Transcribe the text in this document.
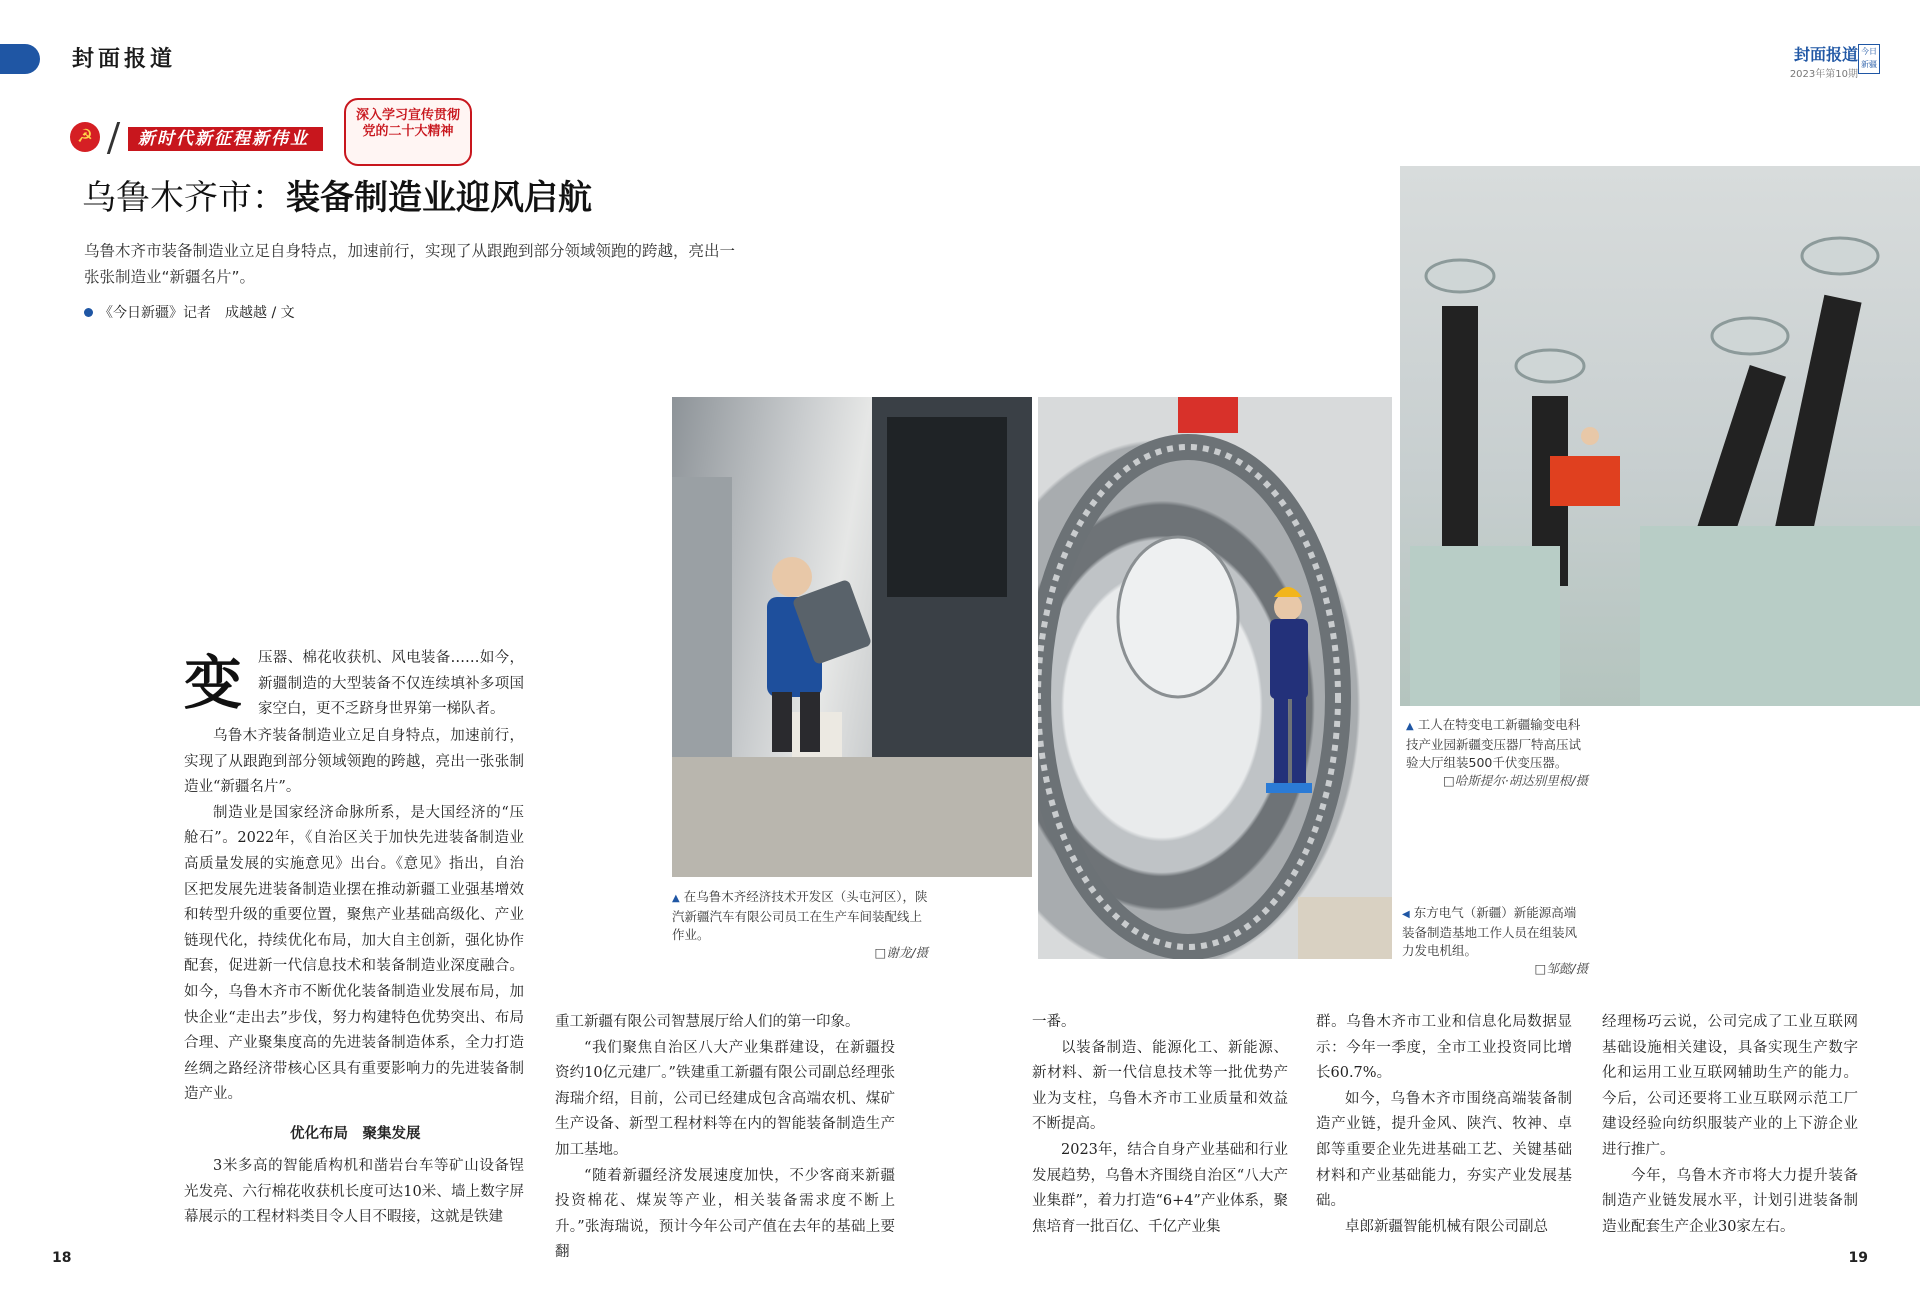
封面报道	封面报道
2023年第10期
今日新疆
☭	新时代新征程新伟业
深入学习宣传贯彻党的二十大精神
乌鲁木齐市：装备制造业迎风启航
乌鲁木齐市装备制造业立足自身特点，加速前行，实现了从跟跑到部分领域领跑的跨越，亮出一张张制造业“新疆名片”。
《今日新疆》记者　成越越 / 文
▲ 在乌鲁木齐经济技术开发区（头屯河区），陕汽新疆汽车有限公司员工在生产车间装配线上作业。
□谢龙/摄
◀ 东方电气（新疆）新能源高端装备制造基地工作人员在组装风力发电机组。
□邹懿/摄
▲ 工人在特变电工新疆输变电科技产业园新疆变压器厂特高压试验大厅组装500千伏变压器。
□哈斯提尔·胡达别里根/摄
变 压器、棉花收获机、风电装备……如今，新疆制造的大型装备不仅连续填补多项国家空白，更不乏跻身世界第一梯队者。

乌鲁木齐装备制造业立足自身特点，加速前行，实现了从跟跑到部分领域领跑的跨越，亮出一张张制造业“新疆名片”。

制造业是国家经济命脉所系，是大国经济的“压舱石”。2022年，《自治区关于加快先进装备制造业高质量发展的实施意见》出台。《意见》指出，自治区把发展先进装备制造业摆在推动新疆工业强基增效和转型升级的重要位置，聚焦产业基础高级化、产业链现代化，持续优化布局，加大自主创新，强化协作配套，促进新一代信息技术和装备制造业深度融合。如今，乌鲁木齐市不断优化装备制造业发展布局，加快企业“走出去”步伐，努力构建特色优势突出、布局合理、产业聚集度高的先进装备制造体系，全力打造丝绸之路经济带核心区具有重要影响力的先进装备制造产业。

优化布局　聚集发展

3米多高的智能盾构机和凿岩台车等矿山设备锃光发亮、六行棉花收获机长度可达10米、墙上数字屏幕展示的工程材料类目令人目不暇接，这就是铁建

重工新疆有限公司智慧展厅给人们的第一印象。

“我们聚焦自治区八大产业集群建设，在新疆投资约10亿元建厂。”铁建重工新疆有限公司副总经理张海瑞介绍，目前，公司已经建成包含高端农机、煤矿生产设备、新型工程材料等在内的智能装备制造生产加工基地。

“随着新疆经济发展速度加快，不少客商来新疆投资棉花、煤炭等产业，相关装备需求度不断上升。”张海瑞说，预计今年公司产值在去年的基础上要翻

一番。

以装备制造、能源化工、新能源、新材料、新一代信息技术等一批优势产业为支柱，乌鲁木齐市工业质量和效益不断提高。

2023年，结合自身产业基础和行业发展趋势，乌鲁木齐围绕自治区“八大产业集群”，着力打造“6+4”产业体系，聚焦培育一批百亿、千亿产业集

群。乌鲁木齐市工业和信息化局数据显示：今年一季度，全市工业投资同比增长60.7%。

如今，乌鲁木齐市围绕高端装备制造产业链，提升金风、陕汽、牧神、卓郎等重要企业先进基础工艺、关键基础材料和产业基础能力，夯实产业发展基础。

卓郎新疆智能机械有限公司副总

经理杨巧云说，公司完成了工业互联网基础设施相关建设，具备实现生产数字化和运用工业互联网辅助生产的能力。今后，公司还要将工业互联网示范工厂建设经验向纺织服装产业的上下游企业进行推广。

今年，乌鲁木齐市将大力提升装备制造产业链发展水平，计划引进装备制造业配套生产企业30家左右。

18	19
